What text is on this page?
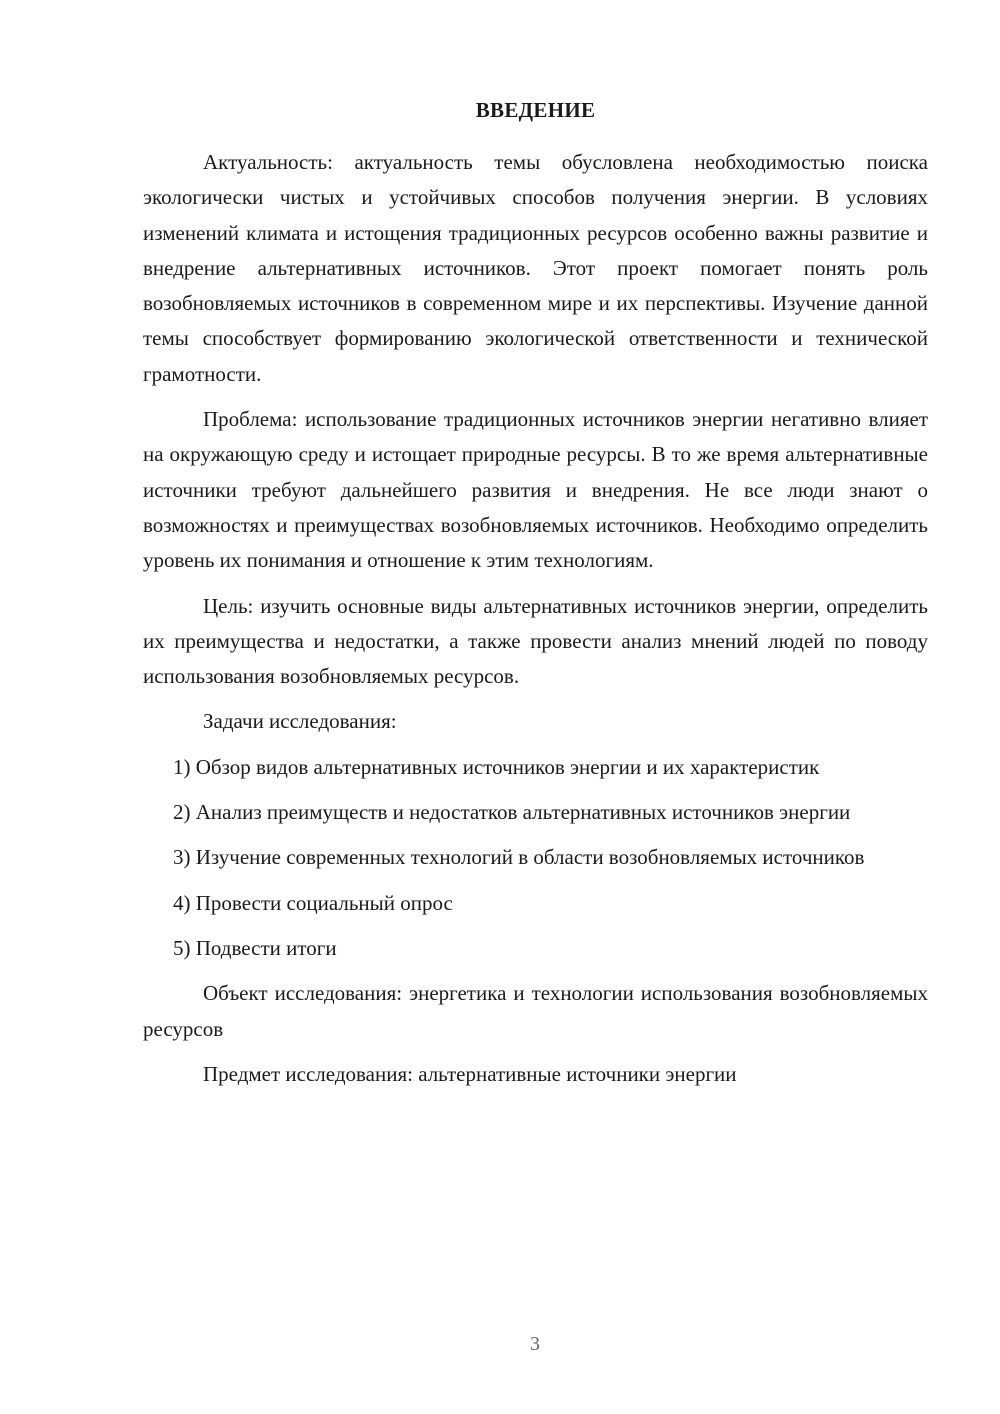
ВВЕДЕНИЕ

Актуальность: актуальность темы обусловлена необходимостью поиска экологически чистых и устойчивых способов получения энергии. В условиях изменений климата и истощения традиционных ресурсов особенно важны развитие и внедрение альтернативных источников. Этот проект помогает понять роль возобновляемых источников в современном мире и их перспективы. Изучение данной темы способствует формированию экологической ответственности и технической грамотности.

Проблема: использование традиционных источников энергии негативно влияет на окружающую среду и истощает природные ресурсы. В то же время альтернативные источники требуют дальнейшего развития и внедрения. Не все люди знают о возможностях и преимуществах возобновляемых источников. Необходимо определить уровень их понимания и отношение к этим технологиям.

Цель: изучить основные виды альтернативных источников энергии, определить их преимущества и недостатки, а также провести анализ мнений людей по поводу использования возобновляемых ресурсов.

Задачи исследования:

1) Обзор видов альтернативных источников энергии и их характеристик

2) Анализ преимуществ и недостатков альтернативных источников энергии

3) Изучение современных технологий в области возобновляемых источников

4) Провести социальный опрос

5) Подвести итоги

Объект исследования: энергетика и технологии использования возобновляемых ресурсов

Предмет исследования: альтернативные источники энергии

3
